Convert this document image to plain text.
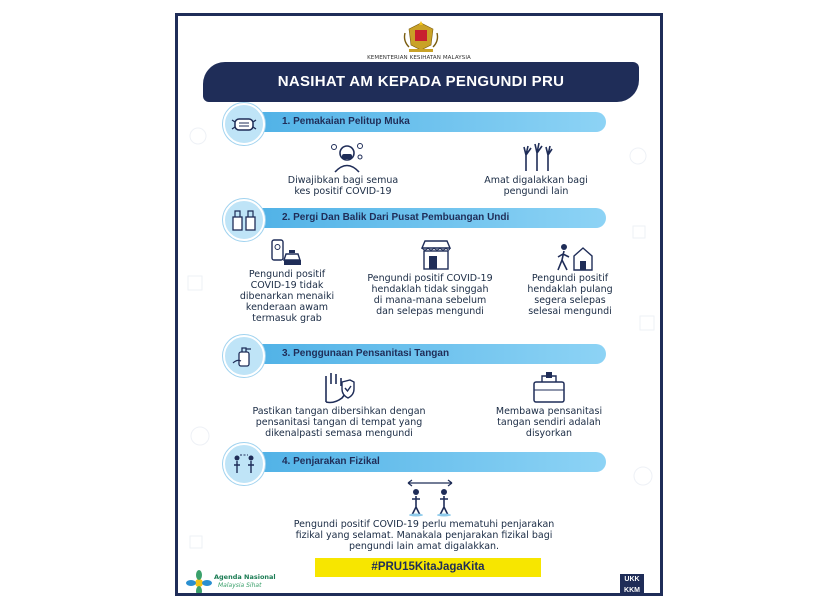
KEMENTERIAN KESIHATAN MALAYSIA
NASIHAT AM KEPADA PENGUNDI PRU
1. Pemakaian Pelitup Muka
Diwajibkan bagi semua
kes positif COVID-19
Amat digalakkan bagi
pengundi lain
2. Pergi Dan Balik Dari Pusat Pembuangan Undi
Pengundi positif
COVID-19 tidak
dibenarkan menaiki
kenderaan awam
termasuk grab
Pengundi positif COVID-19
hendaklah tidak singgah
di mana-mana sebelum
dan selepas mengundi
Pengundi positif
hendaklah pulang
segera selepas
selesai mengundi
3. Penggunaan Pensanitasi Tangan
Pastikan tangan dibersihkan dengan
pensanitasi tangan di tempat yang
dikenalpasti semasa mengundi
Membawa pensanitasi
tangan sendiri adalah
disyorkan
4. Penjarakan Fizikal
Pengundi positif COVID-19 perlu mematuhi penjarakan
fizikal yang selamat. Manakala penjarakan fizikal bagi
pengundi lain amat digalakkan.
#PRU15KitaJagaKita
Agenda Nasional
Malaysia Sihat
UKK
KKM
